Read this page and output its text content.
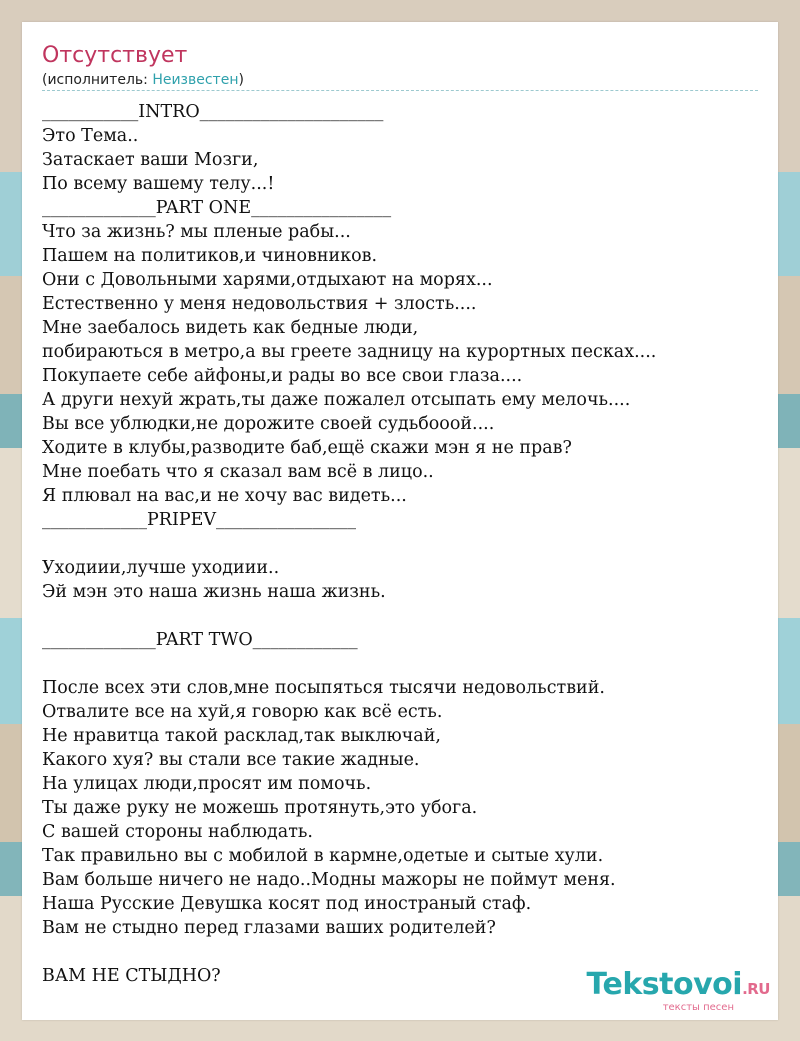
Отсутствует
(исполнитель: Неизвестен)
___________INTRO_____________________
Это Тема..
Затаскает ваши Мозги,
По всему вашему телу...!
_____________PART ONE________________
Что за жизнь? мы пленые рабы...
Пашем на политиков,и чиновников.
Они с Довольными харями,отдыхают на морях...
Естественно у меня недовольствия + злость....
Мне заебалось видеть как бедные люди,
побираються в метро,а вы греете задницу на курортных песках....
Покупаете себе айфоны,и рады во все свои глаза....
А други нехуй жрать,ты даже пожалел отсыпать ему мелочь....
Вы все ублюдки,не дорожите своей судьбооой....
Ходите в клубы,разводите баб,ещё скажи мэн я не прав?
Мне поебать что я сказал вам всё в лицо..
Я плювал на вас,и не хочу вас видеть...
____________PRIPEV________________
Уходиии,лучше уходиии..
Эй мэн это наша жизнь наша жизнь.
_____________PART TWO____________
После всех эти слов,мне посыпяться тысячи недовольствий.
Отвалите все на хуй,я говорю как всё есть.
Не нравитца такой расклад,так выключай,
Какого хуя? вы стали все такие жадные.
На улицах люди,просят им помочь.
Ты даже руку не можешь протянуть,это убога.
С вашей стороны наблюдать.
Так правильно вы с мобилой в кармне,одетые и сытые хули.
Вам больше ничего не надо..Модны мажоры не поймут меня.
Наша Русские Девушка косят под иностраный стаф.
Вам не стыдно перед глазами ваших родителей?
ВАМ НЕ СТЫДНО?	Tekstovoi.RU
тексты песен
